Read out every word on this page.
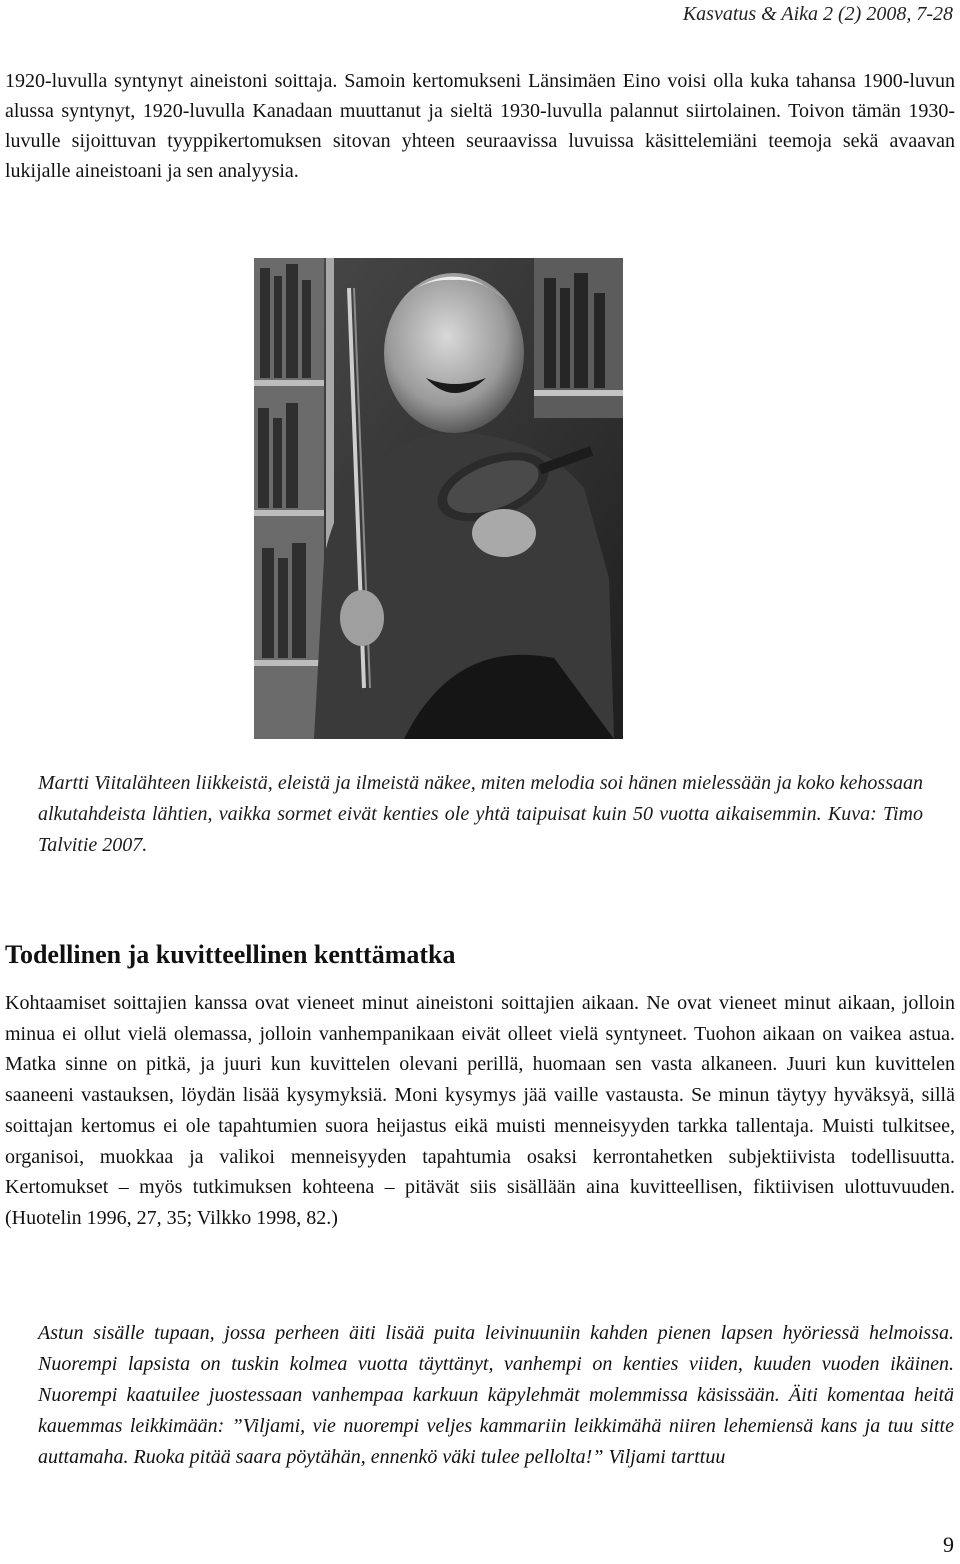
Kasvatus & Aika 2 (2) 2008, 7-28

1920-luvulla syntynyt aineistoni soittaja. Samoin kertomukseni Länsimäen Eino voisi olla kuka tahansa 1900-luvun alussa syntynyt, 1920-luvulla Kanadaan muuttanut ja sieltä 1930-luvulla palannut siirtolainen. Toivon tämän 1930-luvulle sijoittuvan tyyppikertomuksen sitovan yhteen seuraavissa luvuissa käsittelemiäni teemoja sekä avaavan lukijalle aineistoani ja sen analyysia.

Martti Viitalähteen liikkeistä, eleistä ja ilmeistä näkee, miten melodia soi hänen mielessään ja koko kehossaan alkutahdeista lähtien, vaikka sormet eivät kenties ole yhtä taipuisat kuin 50 vuotta aikaisemmin. Kuva: Timo Talvitie 2007.

Todellinen ja kuvitteellinen kenttämatka

Kohtaamiset soittajien kanssa ovat vieneet minut aineistoni soittajien aikaan. Ne ovat vieneet minut aikaan, jolloin minua ei ollut vielä olemassa, jolloin vanhempanikaan eivät olleet vielä syntyneet. Tuohon aikaan on vaikea astua. Matka sinne on pitkä, ja juuri kun kuvittelen olevani perillä, huomaan sen vasta alkaneen. Juuri kun kuvittelen saaneeni vastauksen, löydän lisää kysymyksiä. Moni kysymys jää vaille vastausta. Se minun täytyy hyväksyä, sillä soittajan kertomus ei ole tapahtumien suora heijastus eikä muisti menneisyyden tarkka tallentaja. Muisti tulkitsee, organisoi, muokkaa ja valikoi menneisyyden tapahtumia osaksi kerrontahetken subjektiivista todellisuutta. Kertomukset – myös tutkimuksen kohteena – pitävät siis sisällään aina kuvitteellisen, fiktiivisen ulottuvuuden. (Huotelin 1996, 27, 35; Vilkko 1998, 82.)

Astun sisälle tupaan, jossa perheen äiti lisää puita leivinuuniin kahden pienen lapsen hyöriessä helmoissa. Nuorempi lapsista on tuskin kolmea vuotta täyttänyt, vanhempi on kenties viiden, kuuden vuoden ikäinen. Nuorempi kaatuilee juostessaan vanhempaa karkuun käpylehmät molemmissa käsissään. Äiti komentaa heitä kauemmas leikkimään: ”Viljami, vie nuorempi veljes kammariin leikkimähä niiren lehemiensä kans ja tuu sitte auttamaha. Ruoka pitää saara pöytähän, ennenkö väki tulee pellolta!” Viljami tarttuu

9
